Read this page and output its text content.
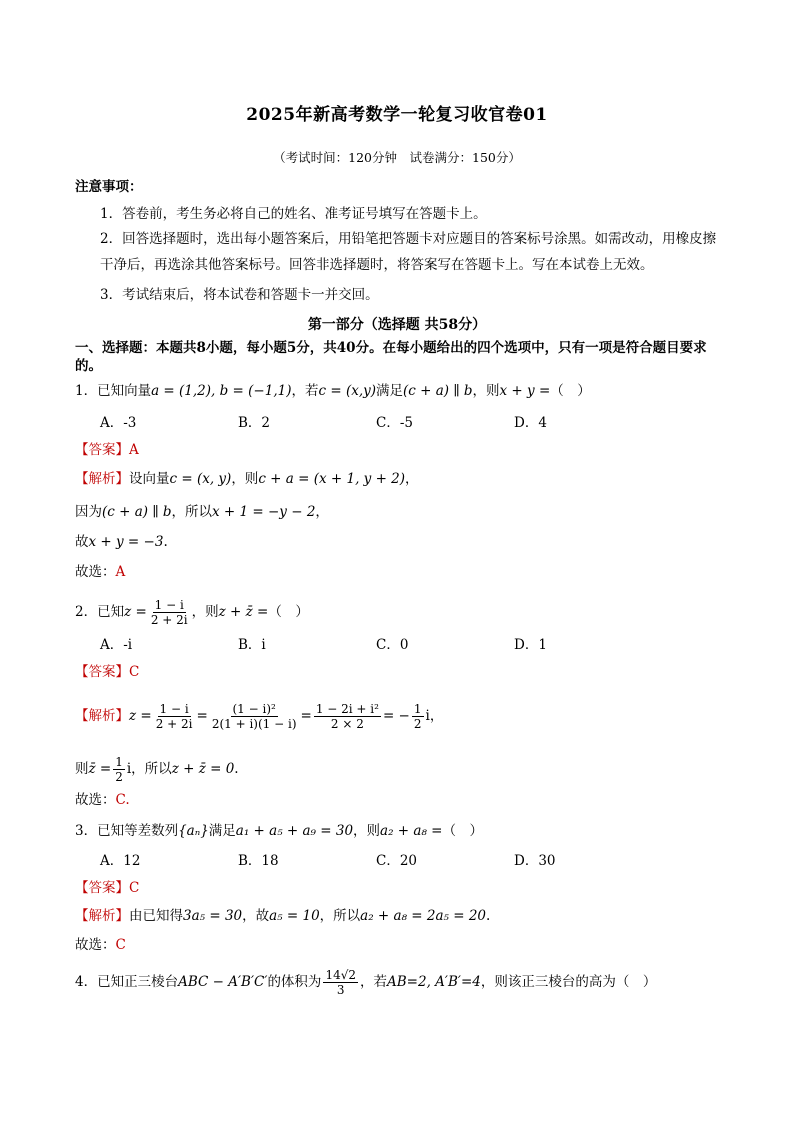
2025年新高考数学一轮复习收官卷01
（考试时间：120分钟　试卷满分：150分）
注意事项：
1．答卷前，考生务必将自己的姓名、准考证号填写在答题卡上。
2．回答选择题时，选出每小题答案后，用铅笔把答题卡对应题目的答案标号涂黑。如需改动，用橡皮擦干净后，再选涂其他答案标号。回答非选择题时，将答案写在答题卡上。写在本试卷上无效。
3．考试结束后，将本试卷和答题卡一并交回。
第一部分（选择题 共58分）
一、选择题：本题共8小题，每小题5分，共40分。在每小题给出的四个选项中，只有一项是符合题目要求的。
1．已知向量a = (1,2), b = (−1,1)，若c = (x,y)满足(c + a) ∥ b，则x + y =（　）
A．-3	B．2	C．-5	D．4
【答案】A
【解析】设向量c = (x, y)，则c + a = (x + 1, y + 2)，
因为(c + a) ∥ b，所以x + 1 = −y − 2，
故x + y = −3.
故选：A
2．已知$z = \frac{1 - i}{2 + 2i}$ ，则z + z̄ =（　）
A．-i	B．i	C．0	D．1
【答案】C
【解析】$z = \frac{1 - i}{2 + 2i} = \frac{\text{(1 − i)²}}{2(1 + i)(1 - i)} = \frac{\text{1 − 2i + i²}}{2 \times 2}$ = − $\frac{1}{2}$ i，
则z̄ = $\frac{1}{2}$ i，所以z + z̄ = 0.
故选：C.
3．已知等差数列{aₙ}满足a₁ + a₅ + a₉ = 30，则a₂ + a₈ =（　）
A．12	B．18	C．20	D．30
【答案】C
【解析】由已知得3a₅ = 30，故a₅ = 10，所以a₂ + a₈ = 2a₅ = 20.
故选：C
4．已知正三棱台ABC − A′B′C′的体积为 $\frac{14√2}{3}$ ，若AB=2, A′B′=4，则该正三棱台的高为（　）
